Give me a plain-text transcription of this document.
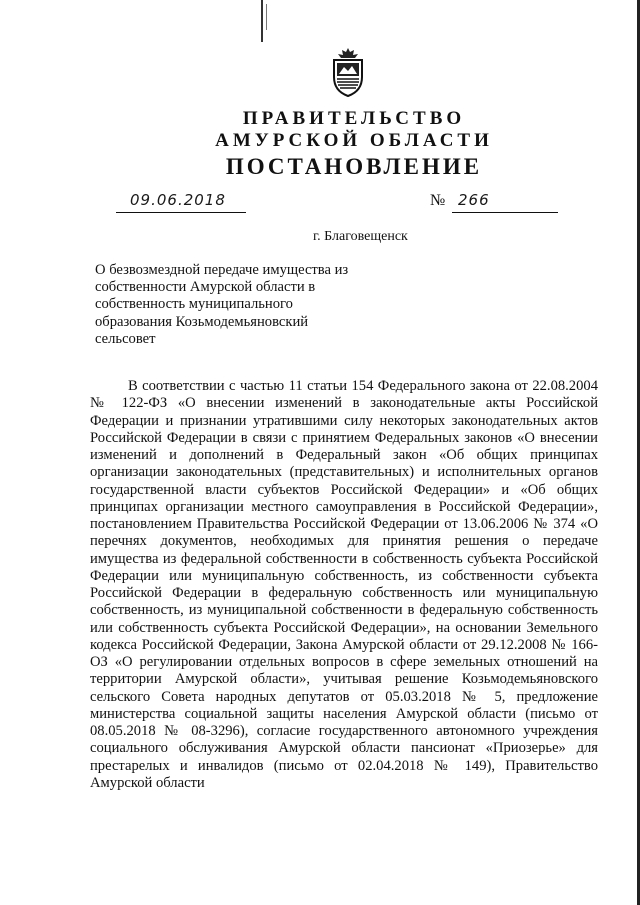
ПРАВИТЕЛЬСТВО
АМУРСКОЙ ОБЛАСТИ
ПОСТАНОВЛЕНИЕ
09.06.2018	№ 266
г. Благовещенск
О безвозмездной передаче имущества из собственности Амурской области в собственность муниципального образования Козьмодемьяновский сельсовет
В соответствии с частью 11 статьи 154 Федерального закона от 22.08.2004 № 122-ФЗ «О внесении изменений в законодательные акты Российской Федерации и признании утратившими силу некоторых законодательных актов Российской Федерации в связи с принятием Федеральных законов «О внесении изменений и дополнений в Федеральный закон «Об общих принципах организации законодательных (представительных) и исполнительных органов государственной власти субъектов Российской Федерации» и «Об общих принципах организации местного самоуправления в Российской Федерации», постановлением Правительства Российской Федерации от 13.06.2006 № 374 «О перечнях документов, необходимых для принятия решения о передаче имущества из федеральной собственности в собственность субъекта Российской Федерации или муниципальную собственность, из собственности субъекта Российской Федерации в федеральную собственность или муниципальную собственность, из муниципальной собственности в федеральную собственность или собственность субъекта Российской Федерации», на основании Земельного кодекса Российской Федерации, Закона Амурской области от 29.12.2008 № 166-ОЗ «О регулировании отдельных вопросов в сфере земельных отношений на территории Амурской области», учитывая решение Козьмодемьяновского сельского Совета народных депутатов от 05.03.2018 № 5, предложение министерства социальной защиты населения Амурской области (письмо от 08.05.2018 № 08-3296), согласие государственного автономного учреждения социального обслуживания Амурской области пансионат «Приозерье» для престарелых и инвалидов (письмо от 02.04.2018 № 149), Правительство Амурской области
